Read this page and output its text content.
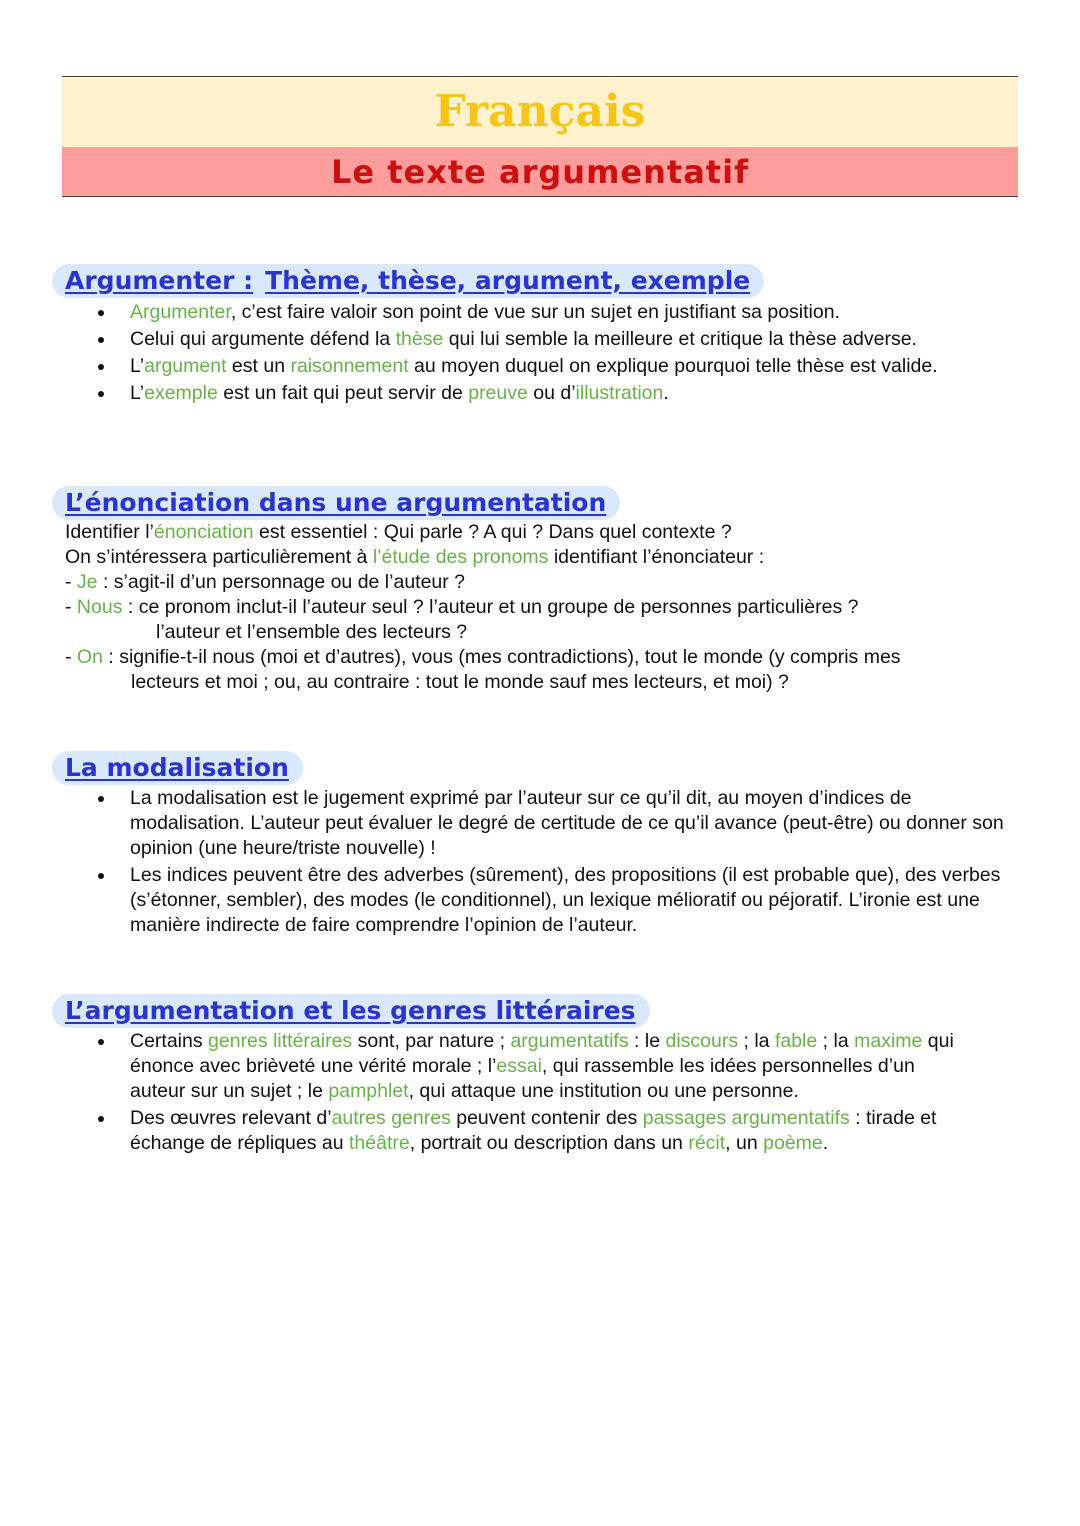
Français
Le texte argumentatif
Argumenter : Thème, thèse, argument, exemple
Argumenter, c’est faire valoir son point de vue sur un sujet en justifiant sa position.
Celui qui argumente défend la thèse qui lui semble la meilleure et critique la thèse adverse.
L’argument est un raisonnement au moyen duquel on explique pourquoi telle thèse est valide.
L’exemple est un fait qui peut servir de preuve ou d’illustration.
L’énonciation dans une argumentation
Identifier l’énonciation est essentiel : Qui parle ? A qui ? Dans quel contexte ?
On s’intéressera particulièrement à l’étude des pronoms identifiant l’énonciateur :
- Je : s’agit-il d’un personnage ou de l’auteur ?
- Nous : ce pronom inclut-il l’auteur seul ? l’auteur et un groupe de personnes particulières ?
l’auteur et l’ensemble des lecteurs ?
- On : signifie-t-il nous (moi et d’autres), vous (mes contradictions), tout le monde (y compris mes
lecteurs et moi ; ou, au contraire : tout le monde sauf mes lecteurs, et moi) ?
La modalisation
La modalisation est le jugement exprimé par l’auteur sur ce qu’il dit, au moyen d’indices de modalisation. L’auteur peut évaluer le degré de certitude de ce qu’il avance (peut-être) ou donner son opinion (une heure/triste nouvelle) !
Les indices peuvent être des adverbes (sûrement), des propositions (il est probable que), des verbes (s’étonner, sembler), des modes (le conditionnel), un lexique mélioratif ou péjoratif. L’ironie est une manière indirecte de faire comprendre l’opinion de l’auteur.
L’argumentation et les genres littéraires
Certains genres littéraires sont, par nature ; argumentatifs : le discours ; la fable ; la maxime qui énonce avec brièveté une vérité morale ; l’essai, qui rassemble les idées personnelles d’un auteur sur un sujet ; le pamphlet, qui attaque une institution ou une personne.
Des œuvres relevant d’autres genres peuvent contenir des passages argumentatifs : tirade et échange de répliques au théâtre, portrait ou description dans un récit, un poème.
